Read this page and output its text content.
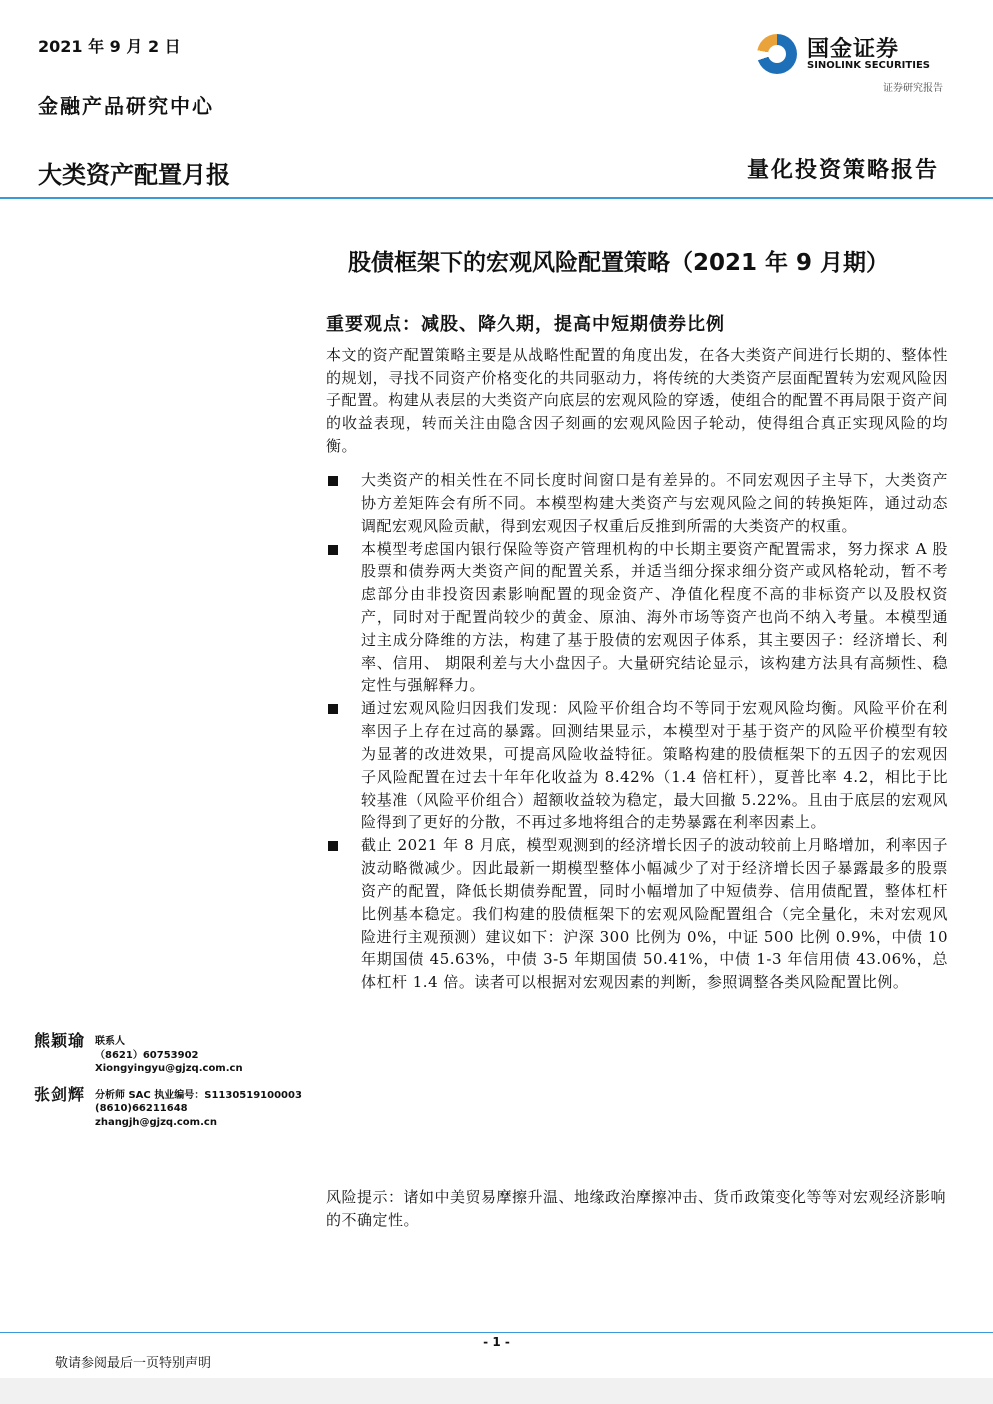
2021 年 9 月 2 日
金融产品研究中心
大类资产配置月报	量化投资策略报告
国金证券
SINOLINK SECURITIES
证券研究报告
股债框架下的宏观风险配置策略（2021 年 9 月期）
重要观点：减股、降久期，提高中短期债券比例
本文的资产配置策略主要是从战略性配置的角度出发，在各大类资产间进行长期的、整体性的规划，寻找不同资产价格变化的共同驱动力，将传统的大类资产层面配置转为宏观风险因子配置。构建从表层的大类资产向底层的宏观风险的穿透，使组合的配置不再局限于资产间的收益表现，转而关注由隐含因子刻画的宏观风险因子轮动，使得组合真正实现风险的均衡。
大类资产的相关性在不同长度时间窗口是有差异的。不同宏观因子主导下，大类资产协方差矩阵会有所不同。本模型构建大类资产与宏观风险之间的转换矩阵，通过动态调配宏观风险贡献，得到宏观因子权重后反推到所需的大类资产的权重。
本模型考虑国内银行保险等资产管理机构的中长期主要资产配置需求，努力探求 A 股股票和债券两大类资产间的配置关系，并适当细分探求细分资产或风格轮动，暂不考虑部分由非投资因素影响配置的现金资产、净值化程度不高的非标资产以及股权资产，同时对于配置尚较少的黄金、原油、海外市场等资产也尚不纳入考量。本模型通过主成分降维的方法，构建了基于股债的宏观因子体系，其主要因子：经济增长、利率、信用、 期限利差与大小盘因子。大量研究结论显示，该构建方法具有高频性、稳定性与强解释力。
通过宏观风险归因我们发现：风险平价组合均不等同于宏观风险均衡。风险平价在利率因子上存在过高的暴露。回测结果显示，本模型对于基于资产的风险平价模型有较为显著的改进效果，可提高风险收益特征。策略构建的股债框架下的五因子的宏观因子风险配置在过去十年年化收益为 8.42%（1.4 倍杠杆），夏普比率 4.2，相比于比较基准（风险平价组合）超额收益较为稳定，最大回撤 5.22%。且由于底层的宏观风险得到了更好的分散，不再过多地将组合的走势暴露在利率因素上。
截止 2021 年 8 月底，模型观测到的经济增长因子的波动较前上月略增加，利率因子波动略微减少。因此最新一期模型整体小幅减少了对于经济增长因子暴露最多的股票资产的配置，降低长期债券配置，同时小幅增加了中短债券、信用债配置，整体杠杆比例基本稳定。我们构建的股债框架下的宏观风险配置组合（完全量化，未对宏观风险进行主观预测）建议如下：沪深 300 比例为 0%，中证 500 比例 0.9%，中债 10 年期国债 45.63%，中债 3-5 年期国债 50.41%，中债 1-3 年信用债 43.06%，总体杠杆 1.4 倍。读者可以根据对宏观因素的判断，参照调整各类风险配置比例。
熊颖瑜 联系人
（8621）60753902
Xiongyingyu@gjzq.com.cn
张剑辉 分析师 SAC 执业编号：S1130519100003
(8610)66211648
zhangjh@gjzq.com.cn
风险提示：诸如中美贸易摩擦升温、地缘政治摩擦冲击、货币政策变化等等对宏观经济影响的不确定性。
- 1 -
敬请参阅最后一页特别声明
